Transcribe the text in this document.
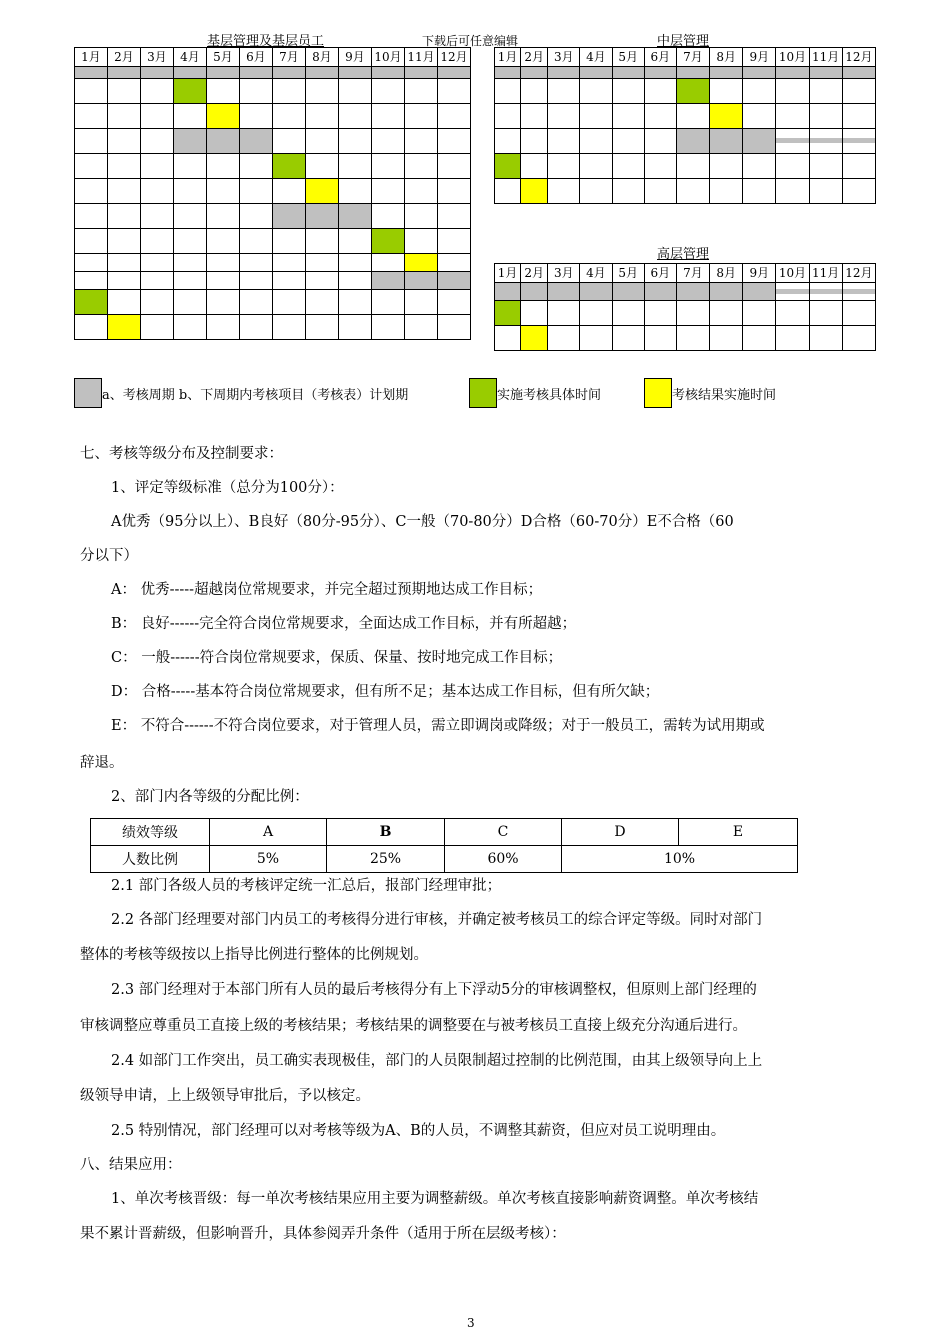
基层管理及基层员工	下载后可任意编辑	中层管理
高层管理
1月	2月	3月	4月	5月	6月	7月	8月	9月	10月	11月	12月

												1月	2月	3月	4月	5月	6月	7月	8月	9月	10月	11月	12月

1月	2月	3月	4月	5月	6月	7月	8月	9月	10月	11月	12月

a、考核周期 b、下周期内考核项目（考核表）计划期	实施考核具体时间	考核结果实施时间
七、考核等级分布及控制要求：
1、评定等级标准（总分为100分）：
A优秀（95分以上）、B良好（80分-95分）、C一般（70-80分）D合格（60-70分）E不合格（60
分以下）
A： 优秀-----超越岗位常规要求，并完全超过预期地达成工作目标；
B： 良好------完全符合岗位常规要求，全面达成工作目标，并有所超越；
C： 一般------符合岗位常规要求，保质、保量、按时地完成工作目标；
D： 合格-----基本符合岗位常规要求，但有所不足；基本达成工作目标，但有所欠缺；
E： 不符合------不符合岗位要求，对于管理人员，需立即调岗或降级；对于一般员工，需转为试用期或
辞退。
2、部门内各等级的分配比例：
绩效等级	A	B	C	D	E
人数比例	5%	25%	60%	10%	
2.1 部门各级人员的考核评定统一汇总后，报部门经理审批；
2.2 各部门经理要对部门内员工的考核得分进行审核，并确定被考核员工的综合评定等级。同时对部门
整体的考核等级按以上指导比例进行整体的比例规划。
2.3 部门经理对于本部门所有人员的最后考核得分有上下浮动5分的审核调整权，但原则上部门经理的
审核调整应尊重员工直接上级的考核结果；考核结果的调整要在与被考核员工直接上级充分沟通后进行。
2.4 如部门工作突出，员工确实表现极佳，部门的人员限制超过控制的比例范围，由其上级领导向上上
级领导申请，上上级领导审批后，予以核定。
2.5 特别情况，部门经理可以对考核等级为A、B的人员，不调整其薪资，但应对员工说明理由。
八、结果应用：
1、单次考核晋级：每一单次考核结果应用主要为调整薪级。单次考核直接影响薪资调整。单次考核结
果不累计晋薪级，但影响晋升，具体参阅弄升条件（适用于所在层级考核）：
3
